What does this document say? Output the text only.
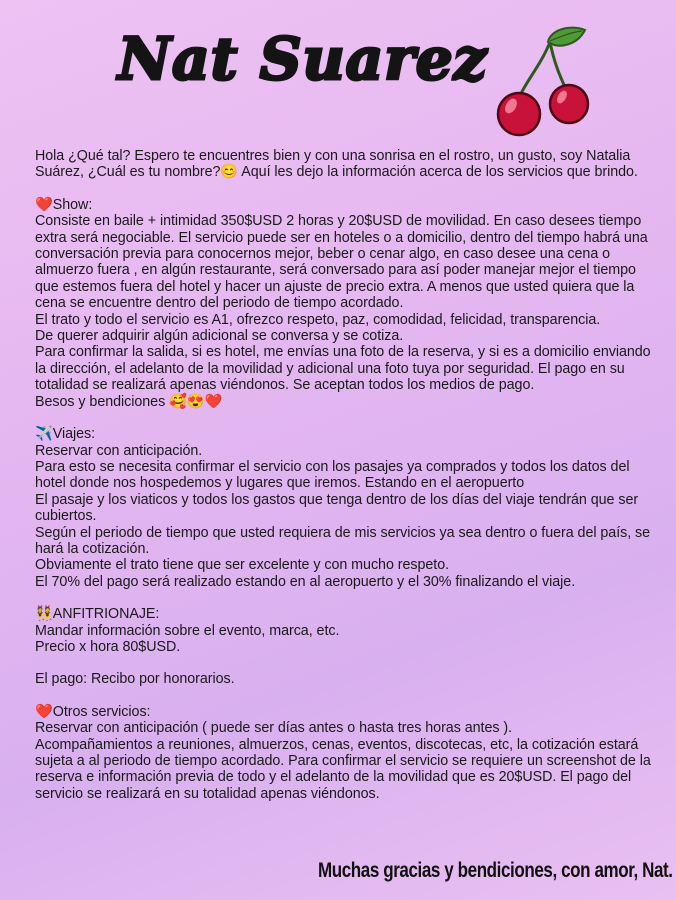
Nat Suarez

Hola ¿Qué tal? Espero te encuentres bien y con una sonrisa en el rostro, un gusto, soy Natalia Suárez, ¿Cuál es tu nombre?😊 Aquí les dejo la información acerca de los servicios que brindo.

❤️Show:

Consiste en baile + intimidad 350$USD 2 horas y 20$USD de movilidad. En caso desees tiempo extra será negociable. El servicio puede ser en hoteles o a domicilio, dentro del tiempo habrá una conversación previa para conocernos mejor, beber o cenar algo, en caso desee una cena o almuerzo fuera , en algún restaurante, será conversado para así poder manejar mejor el tiempo que estemos fuera del hotel y hacer un ajuste de precio extra. A menos que usted quiera que la cena se encuentre dentro del periodo de tiempo acordado.

El trato y todo el servicio es A1, ofrezco respeto, paz, comodidad, felicidad, transparencia.

De querer adquirir algún adicional se conversa y se cotiza.

Para confirmar la salida, si es hotel, me envías una foto de la reserva, y si es a domicilio enviando la dirección, el adelanto de la movilidad y adicional una foto tuya por seguridad. El pago en su totalidad se realizará apenas viéndonos. Se aceptan todos los medios de pago.

Besos y bendiciones 🥰😍❤️

✈️Viajes:

Reservar con anticipación.

Para esto se necesita confirmar el servicio con los pasajes ya comprados y todos los datos del hotel donde nos hospedemos y lugares que iremos. Estando en el aeropuerto

El pasaje y los viaticos y todos los gastos que tenga dentro de los días del viaje tendrán que ser cubiertos.

Según el periodo de tiempo que usted requiera de mis servicios ya sea dentro o fuera del país, se hará la cotización.

Obviamente el trato tiene que ser excelente y con mucho respeto.

El 70% del pago será realizado estando en al aeropuerto y el 30% finalizando el viaje.

👯ANFITRIONAJE:

Mandar información sobre el evento, marca, etc.

Precio x hora 80$USD.

El pago: Recibo por honorarios.

❤️Otros servicios:

Reservar con anticipación ( puede ser días antes o hasta tres horas antes ).

Acompañamientos a reuniones, almuerzos, cenas, eventos, discotecas, etc, la cotización estará sujeta a al periodo de tiempo acordado. Para confirmar el servicio se requiere un screenshot de la reserva e información previa de todo y el adelanto de la movilidad que es 20$USD. El pago del servicio se realizará en su totalidad apenas viéndonos.

Muchas gracias y bendiciones, con amor, Nat.
